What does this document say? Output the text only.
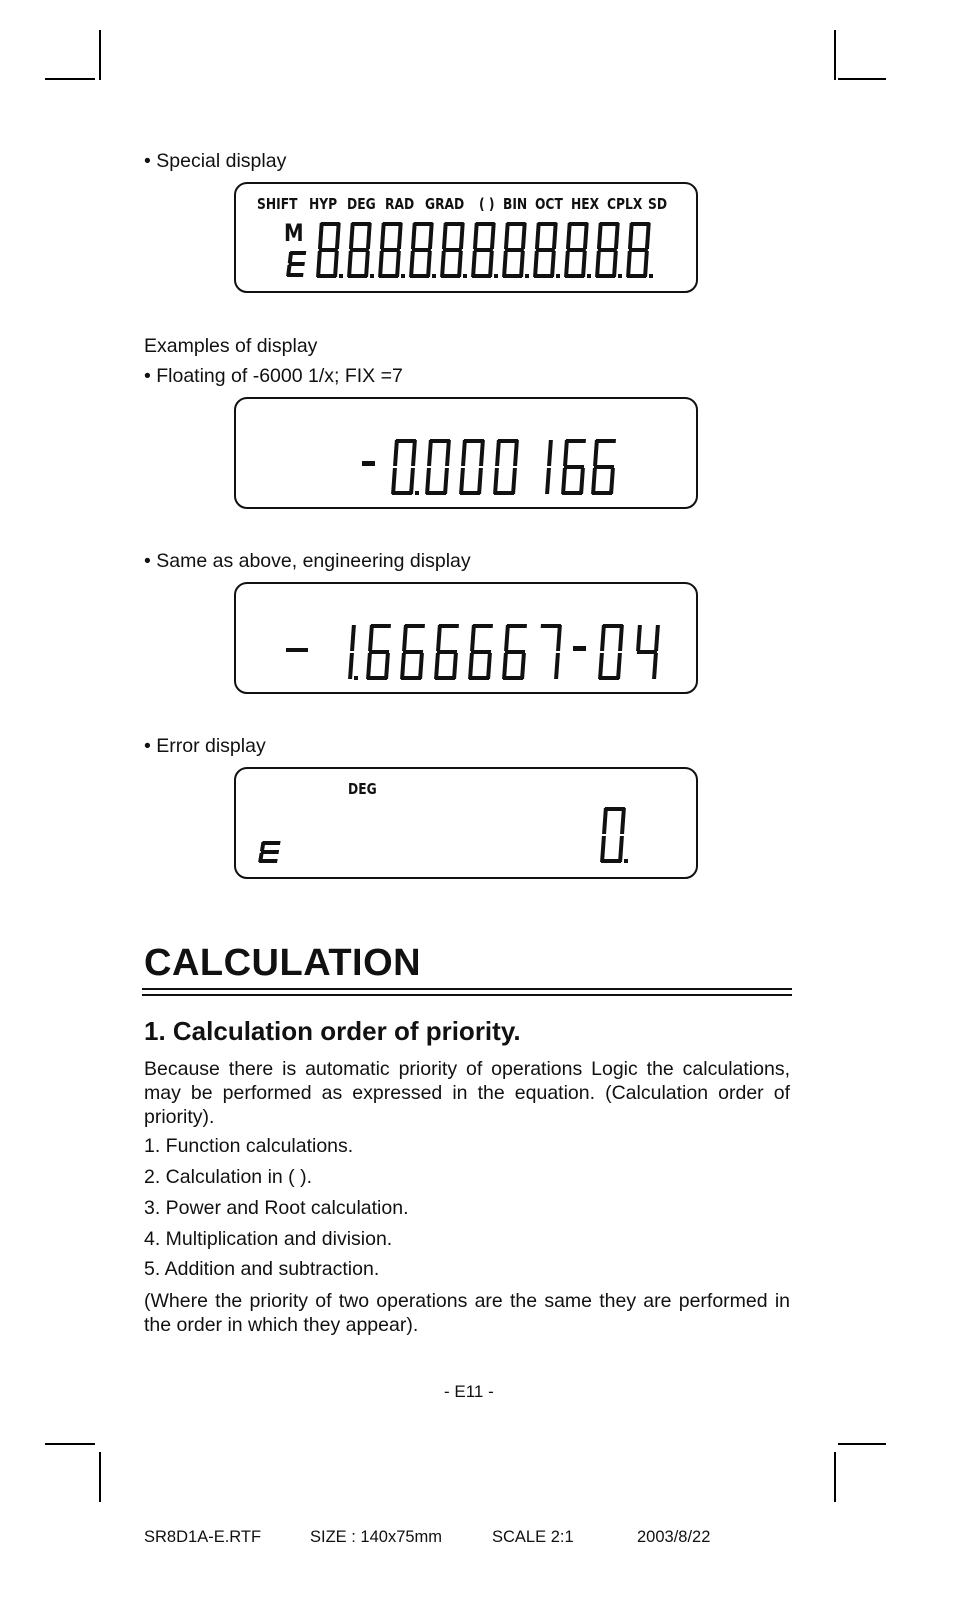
• Special display
SHIFT HYP DEG RAD GRAD ( ) BIN OCT HEX CPLX SD
M
Examples of display
• Floating of -6000 1/x; FIX =7
• Same as above, engineering display
• Error display
DEG
CALCULATION
1. Calculation order of priority.
Because there is automatic priority of operations Logic the calculations, may be performed as expressed in the equation. (Calculation order of priority).
1. Function calculations.
2. Calculation in ( ).
3. Power and Root calculation.
4. Multiplication and division.
5. Addition and subtraction.
(Where the priority of two operations are the same they are performed in the order in which they appear).
- E11 -
SR8D1A-E.RTF	SIZE : 140x75mm	SCALE 2:1	2003/8/22
